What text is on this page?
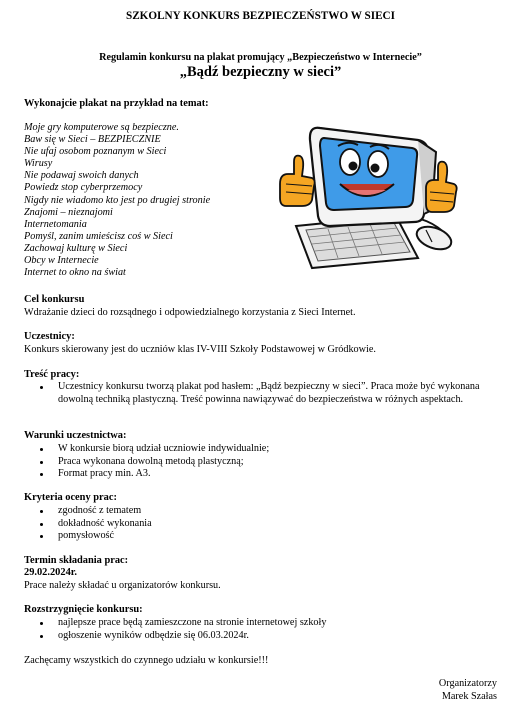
SZKOLNY KONKURS BEZPIECZEŃSTWO W SIECI
Regulamin konkursu na plakat promujący „Bezpieczeństwo w Internecie”
„Bądź bezpieczny w sieci”
Wykonajcie plakat na przykład na temat:
Moje gry komputerowe są bezpieczne.
Baw się w Sieci – BEZPIECZNIE
Nie ufaj osobom poznanym w Sieci
Wirusy
Nie podawaj swoich danych
Powiedz stop cyberprzemocy
Nigdy nie wiadomo kto jest po drugiej stronie
Znajomi – nieznajomi
Internetomania
Pomyśl, zanim umieścisz coś w Sieci
Zachowaj kulturę w Sieci
Obcy w Internecie
Internet to okno na świat
Cel konkursu
Wdrażanie dzieci do rozsądnego i odpowiedzialnego korzystania z Sieci Internet.
Uczestnicy:
Konkurs skierowany jest do uczniów klas IV-VIII Szkoły Podstawowej w Gródkowie.
Treść pracy:
Uczestnicy konkursu tworzą plakat pod hasłem: „Bądź bezpieczny w sieci”. Praca może być wykonana dowolną techniką plastyczną. Treść powinna nawiązywać do bezpieczeństwa w różnych aspektach.
Warunki uczestnictwa:
W konkursie biorą udział uczniowie indywidualnie;
Praca wykonana dowolną metodą plastyczną;
Format pracy min. A3.
Kryteria oceny prac:
zgodność z tematem
dokładność wykonania
pomysłowość
Termin składania prac:
29.02.2024r.
Prace należy składać u organizatorów konkursu.
Rozstrzygnięcie konkursu:
najlepsze prace będą zamieszczone na stronie internetowej szkoły
ogłoszenie wyników odbędzie się 06.03.2024r.
Zachęcamy wszystkich do czynnego udziału w konkursie!!!
Organizatorzy
Marek Szałas
